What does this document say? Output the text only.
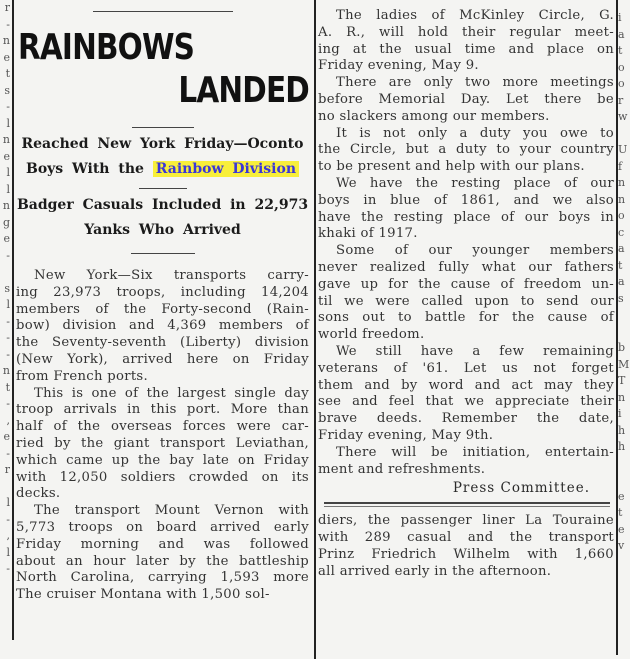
r
-
n
e
t
s
-
l
n
e
l
l
n
g
e
-
s
l
-
-
-
n
t
-
,
e
-
r
l
-
,
l
-
RAINBOWS
LANDED
Reached New York Friday—Oconto
Boys With the Rainbow Division
Badger Casuals Included in 22,973
Yanks Who Arrived
New York—Six transports carry-
ing 23,973 troops, including 14,204
members of the Forty-second (Rain-
bow) division and 4,369 members of
the Seventy-seventh (Liberty) division
(New York), arrived here on Friday
from French ports.
This is one of the largest single day
troop arrivals in this port. More than
half of the overseas forces were car-
ried by the giant transport Leviathan,
which came up the bay late on Friday
with 12,050 soldiers crowded on its
decks.
The transport Mount Vernon with
5,773 troops on board arrived early
Friday morning and was followed
about an hour later by the battleship
North Carolina, carrying 1,593 more
The cruiser Montana with 1,500 sol-
The ladies of McKinley Circle, G.
A. R., will hold their regular meet-
ing at the usual time and place on
Friday evening, May 9.
There are only two more meetings
before Memorial Day. Let there be
no slackers among our members.
It is not only a duty you owe to
the Circle, but a duty to your country
to be present and help with our plans.
We have the resting place of our
boys in blue of 1861, and we also
have the resting place of our boys in
khaki of 1917.
Some of our younger members
never realized fully what our fathers
gave up for the cause of freedom un-
til we were called upon to send our
sons out to battle for the cause of
world freedom.
We still have a few remaining
veterans of '61. Let us not forget
them and by word and act may they
see and feel that we appreciate their
brave deeds. Remember the date,
Friday evening, May 9th.
There will be initiation, entertain-
ment and refreshments.
Press Committee.
diers, the passenger liner La Touraine
with 289 casual and the transport
Prinz Friedrich Wilhelm with 1,660
all arrived early in the afternoon.
i
a
t
o
o
r
w
U
f
n
n
o
c
a
t
a
s
b
M
T
n
i
h
h
e
t
e
v
